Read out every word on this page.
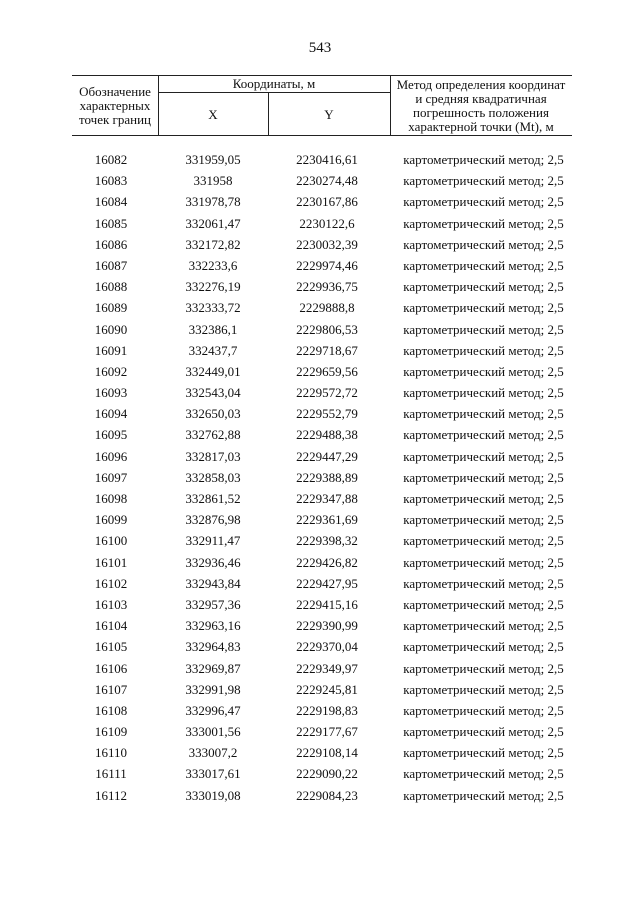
543
Обозначение
характерных
точек границ
Координаты, м
X	Y
Метод определения координат
и средняя квадратичная
погрешность положения
характерной точки (Mt), м
16082	331959,05	2230416,61	картометрический метод; 2,5
16083	331958	2230274,48	картометрический метод; 2,5
16084	331978,78	2230167,86	картометрический метод; 2,5
16085	332061,47	2230122,6	картометрический метод; 2,5
16086	332172,82	2230032,39	картометрический метод; 2,5
16087	332233,6	2229974,46	картометрический метод; 2,5
16088	332276,19	2229936,75	картометрический метод; 2,5
16089	332333,72	2229888,8	картометрический метод; 2,5
16090	332386,1	2229806,53	картометрический метод; 2,5
16091	332437,7	2229718,67	картометрический метод; 2,5
16092	332449,01	2229659,56	картометрический метод; 2,5
16093	332543,04	2229572,72	картометрический метод; 2,5
16094	332650,03	2229552,79	картометрический метод; 2,5
16095	332762,88	2229488,38	картометрический метод; 2,5
16096	332817,03	2229447,29	картометрический метод; 2,5
16097	332858,03	2229388,89	картометрический метод; 2,5
16098	332861,52	2229347,88	картометрический метод; 2,5
16099	332876,98	2229361,69	картометрический метод; 2,5
16100	332911,47	2229398,32	картометрический метод; 2,5
16101	332936,46	2229426,82	картометрический метод; 2,5
16102	332943,84	2229427,95	картометрический метод; 2,5
16103	332957,36	2229415,16	картометрический метод; 2,5
16104	332963,16	2229390,99	картометрический метод; 2,5
16105	332964,83	2229370,04	картометрический метод; 2,5
16106	332969,87	2229349,97	картометрический метод; 2,5
16107	332991,98	2229245,81	картометрический метод; 2,5
16108	332996,47	2229198,83	картометрический метод; 2,5
16109	333001,56	2229177,67	картометрический метод; 2,5
16110	333007,2	2229108,14	картометрический метод; 2,5
16111	333017,61	2229090,22	картометрический метод; 2,5
16112	333019,08	2229084,23	картометрический метод; 2,5
